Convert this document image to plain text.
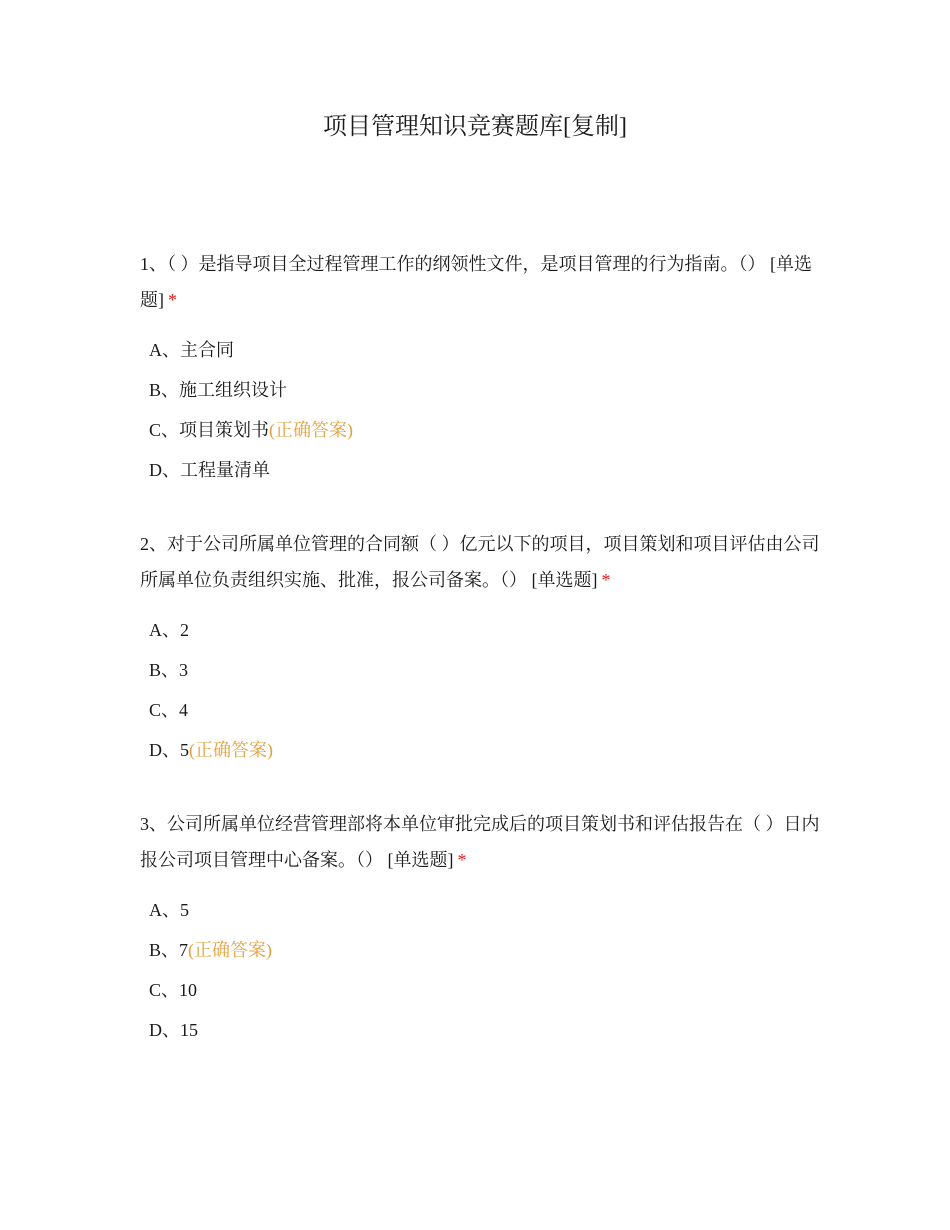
项目管理知识竞赛题库[复制]

1、（ ）是指导项目全过程管理工作的纲领性文件，是项目管理的行为指南。（） [单选题] *

A、主合同
B、施工组织设计
C、项目策划书(正确答案)
D、工程量清单

2、对于公司所属单位管理的合同额（ ）亿元以下的项目，项目策划和项目评估由公司所属单位负责组织实施、批准，报公司备案。（） [单选题] *

A、2
B、3
C、4
D、5(正确答案)

3、公司所属单位经营管理部将本单位审批完成后的项目策划书和评估报告在（ ）日内报公司项目管理中心备案。（） [单选题] *

A、5
B、7(正确答案)
C、10
D、15
